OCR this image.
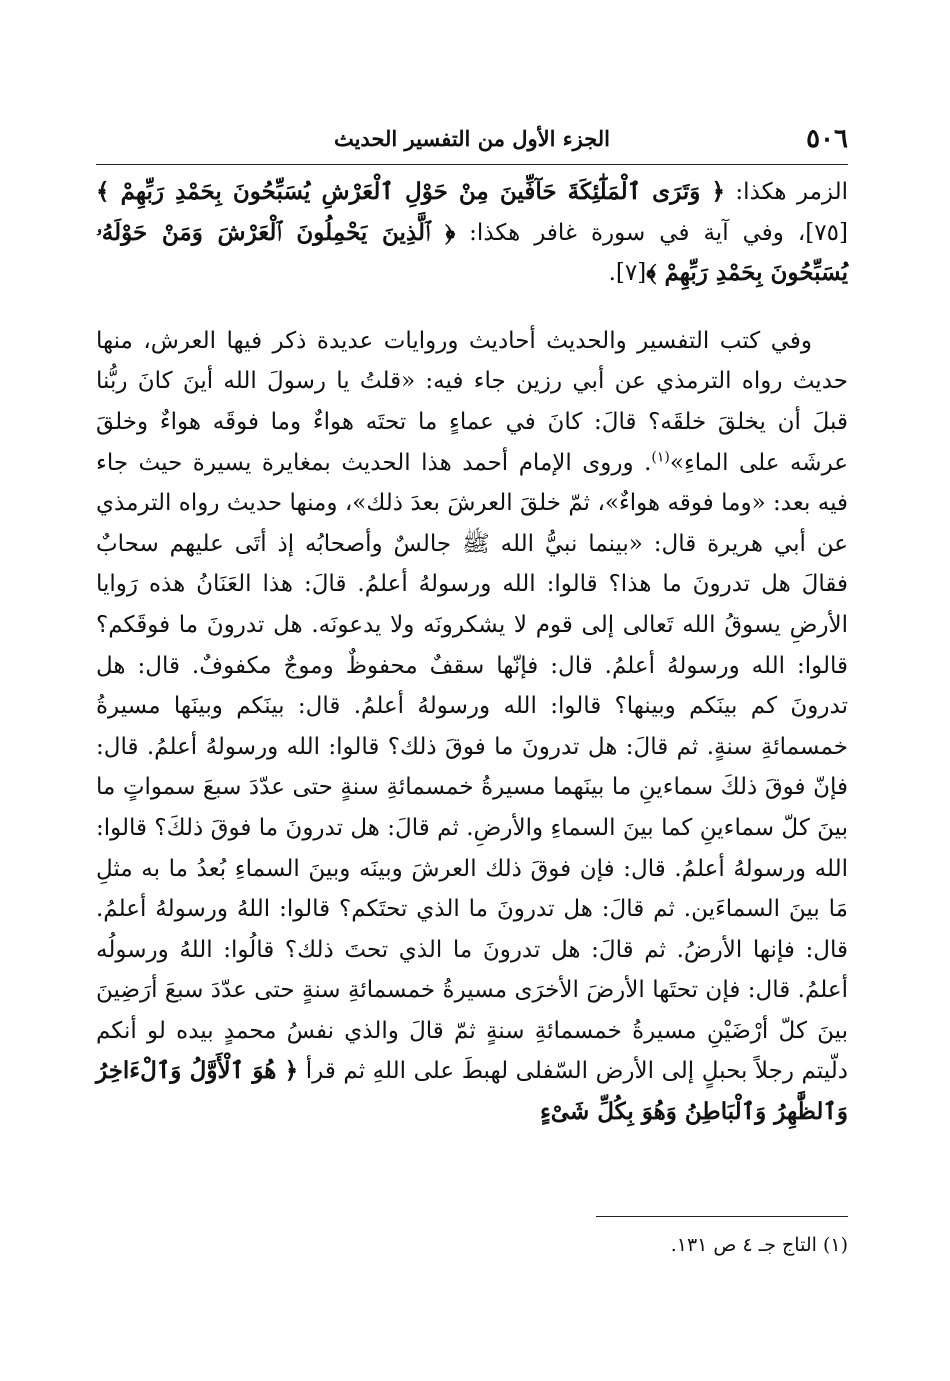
٥٠٦
الجزء الأول من التفسير الحديث

الزمر هكذا: ﴿ وَتَرَى ٱلْمَلَٰٓئِكَةَ حَآفِّينَ مِنْ حَوْلِ ٱلْعَرْشِ يُسَبِّحُونَ بِحَمْدِ رَبِّهِمْ ﴾ [٧٥]، وفي آية في سورة غافر هكذا: ﴿ ٱلَّذِينَ يَحْمِلُونَ ٱلْعَرْشَ وَمَنْ حَوْلَهُۥ يُسَبِّحُونَ بِحَمْدِ رَبِّهِمْ ﴾[٧].

وفي كتب التفسير والحديث أحاديث وروايات عديدة ذكر فيها العرش، منها حديث رواه الترمذي عن أبي رزين جاء فيه: «قلتُ يا رسولَ الله أينَ كانَ ربُّنا قبلَ أن يخلقَ خلقَه؟ قالَ: كانَ في عماءٍ ما تحتَه هواءٌ وما فوقَه هواءٌ وخلقَ عرشَه على الماءِ»$^{(١)}$. وروى الإمام أحمد هذا الحديث بمغايرة يسيرة حيث جاء فيه بعد: «وما فوقه هواءٌ»، ثمّ خلقَ العرشَ بعدَ ذلك»، ومنها حديث رواه الترمذي عن أبي هريرة قال: «بينما نبيُّ الله ﷺ جالسٌ وأصحابُه إذ أتَى عليهم سحابٌ فقالَ هل تدرونَ ما هذا؟ قالوا: الله ورسولهُ أعلمُ. قالَ: هذا العَنَانُ هذه رَوايا الأرضِ يسوقُ الله تَعالى إلى قوم لا يشكرونَه ولا يدعونَه. هل تدرونَ ما فوقَكم؟ قالوا: الله ورسولهُ أعلمُ. قال: فإنّها سقفٌ محفوظٌ وموجٌ مكفوفٌ. قال: هل تدرونَ كم بينَكم وبينها؟ قالوا: الله ورسولهُ أعلمُ. قال: بينَكم وبينَها مسيرةُ خمسمائةِ سنةٍ. ثم قالَ: هل تدرونَ ما فوقَ ذلك؟ قالوا: الله ورسولهُ أعلمُ. قال: فإنّ فوقَ ذلكَ سماءينِ ما بينَهما مسيرةُ خمسمائةِ سنةٍ حتى عدّدَ سبعَ سمواتٍ ما بينَ كلّ سماءينِ كما بينَ السماءِ والأرضِ. ثم قالَ: هل تدرونَ ما فوقَ ذلكَ؟ قالوا: الله ورسولهُ أعلمُ. قال: فإن فوقَ ذلك العرشَ وبينَه وبينَ السماءِ بُعدُ ما به مثلِ مَا بينَ السماءَين. ثم قالَ: هل تدرونَ ما الذي تحتَكم؟ قالوا: اللهُ ورسولهُ أعلمُ. قال: فإنها الأرضُ. ثم قالَ: هل تدرونَ ما الذي تحتَ ذلك؟ قالُوا: اللهُ ورسولُه أعلمُ. قال: فإن تحتَها الأرضَ الأخرَى مسيرةُ خمسمائةِ سنةٍ حتى عدّدَ سبعَ أرَضِينَ بينَ كلّ أرْضَيْنِ مسيرةُ خمسمائةِ سنةٍ ثمّ قالَ والذي نفسُ محمدٍ بيده لو أنكم دلّيتم رجلاً بحبلٍ إلى الأرض السّفلى لهبطَ على اللهِ ثم قرأ ﴿ هُوَ ٱلْأَوَّلُ وَٱلْءَاخِرُ وَٱلظَّٰهِرُ وَٱلْبَاطِنُ وَهُوَ بِكُلِّ شَىْءٍ

(١) التاج جـ ٤ ص ١٣١.
